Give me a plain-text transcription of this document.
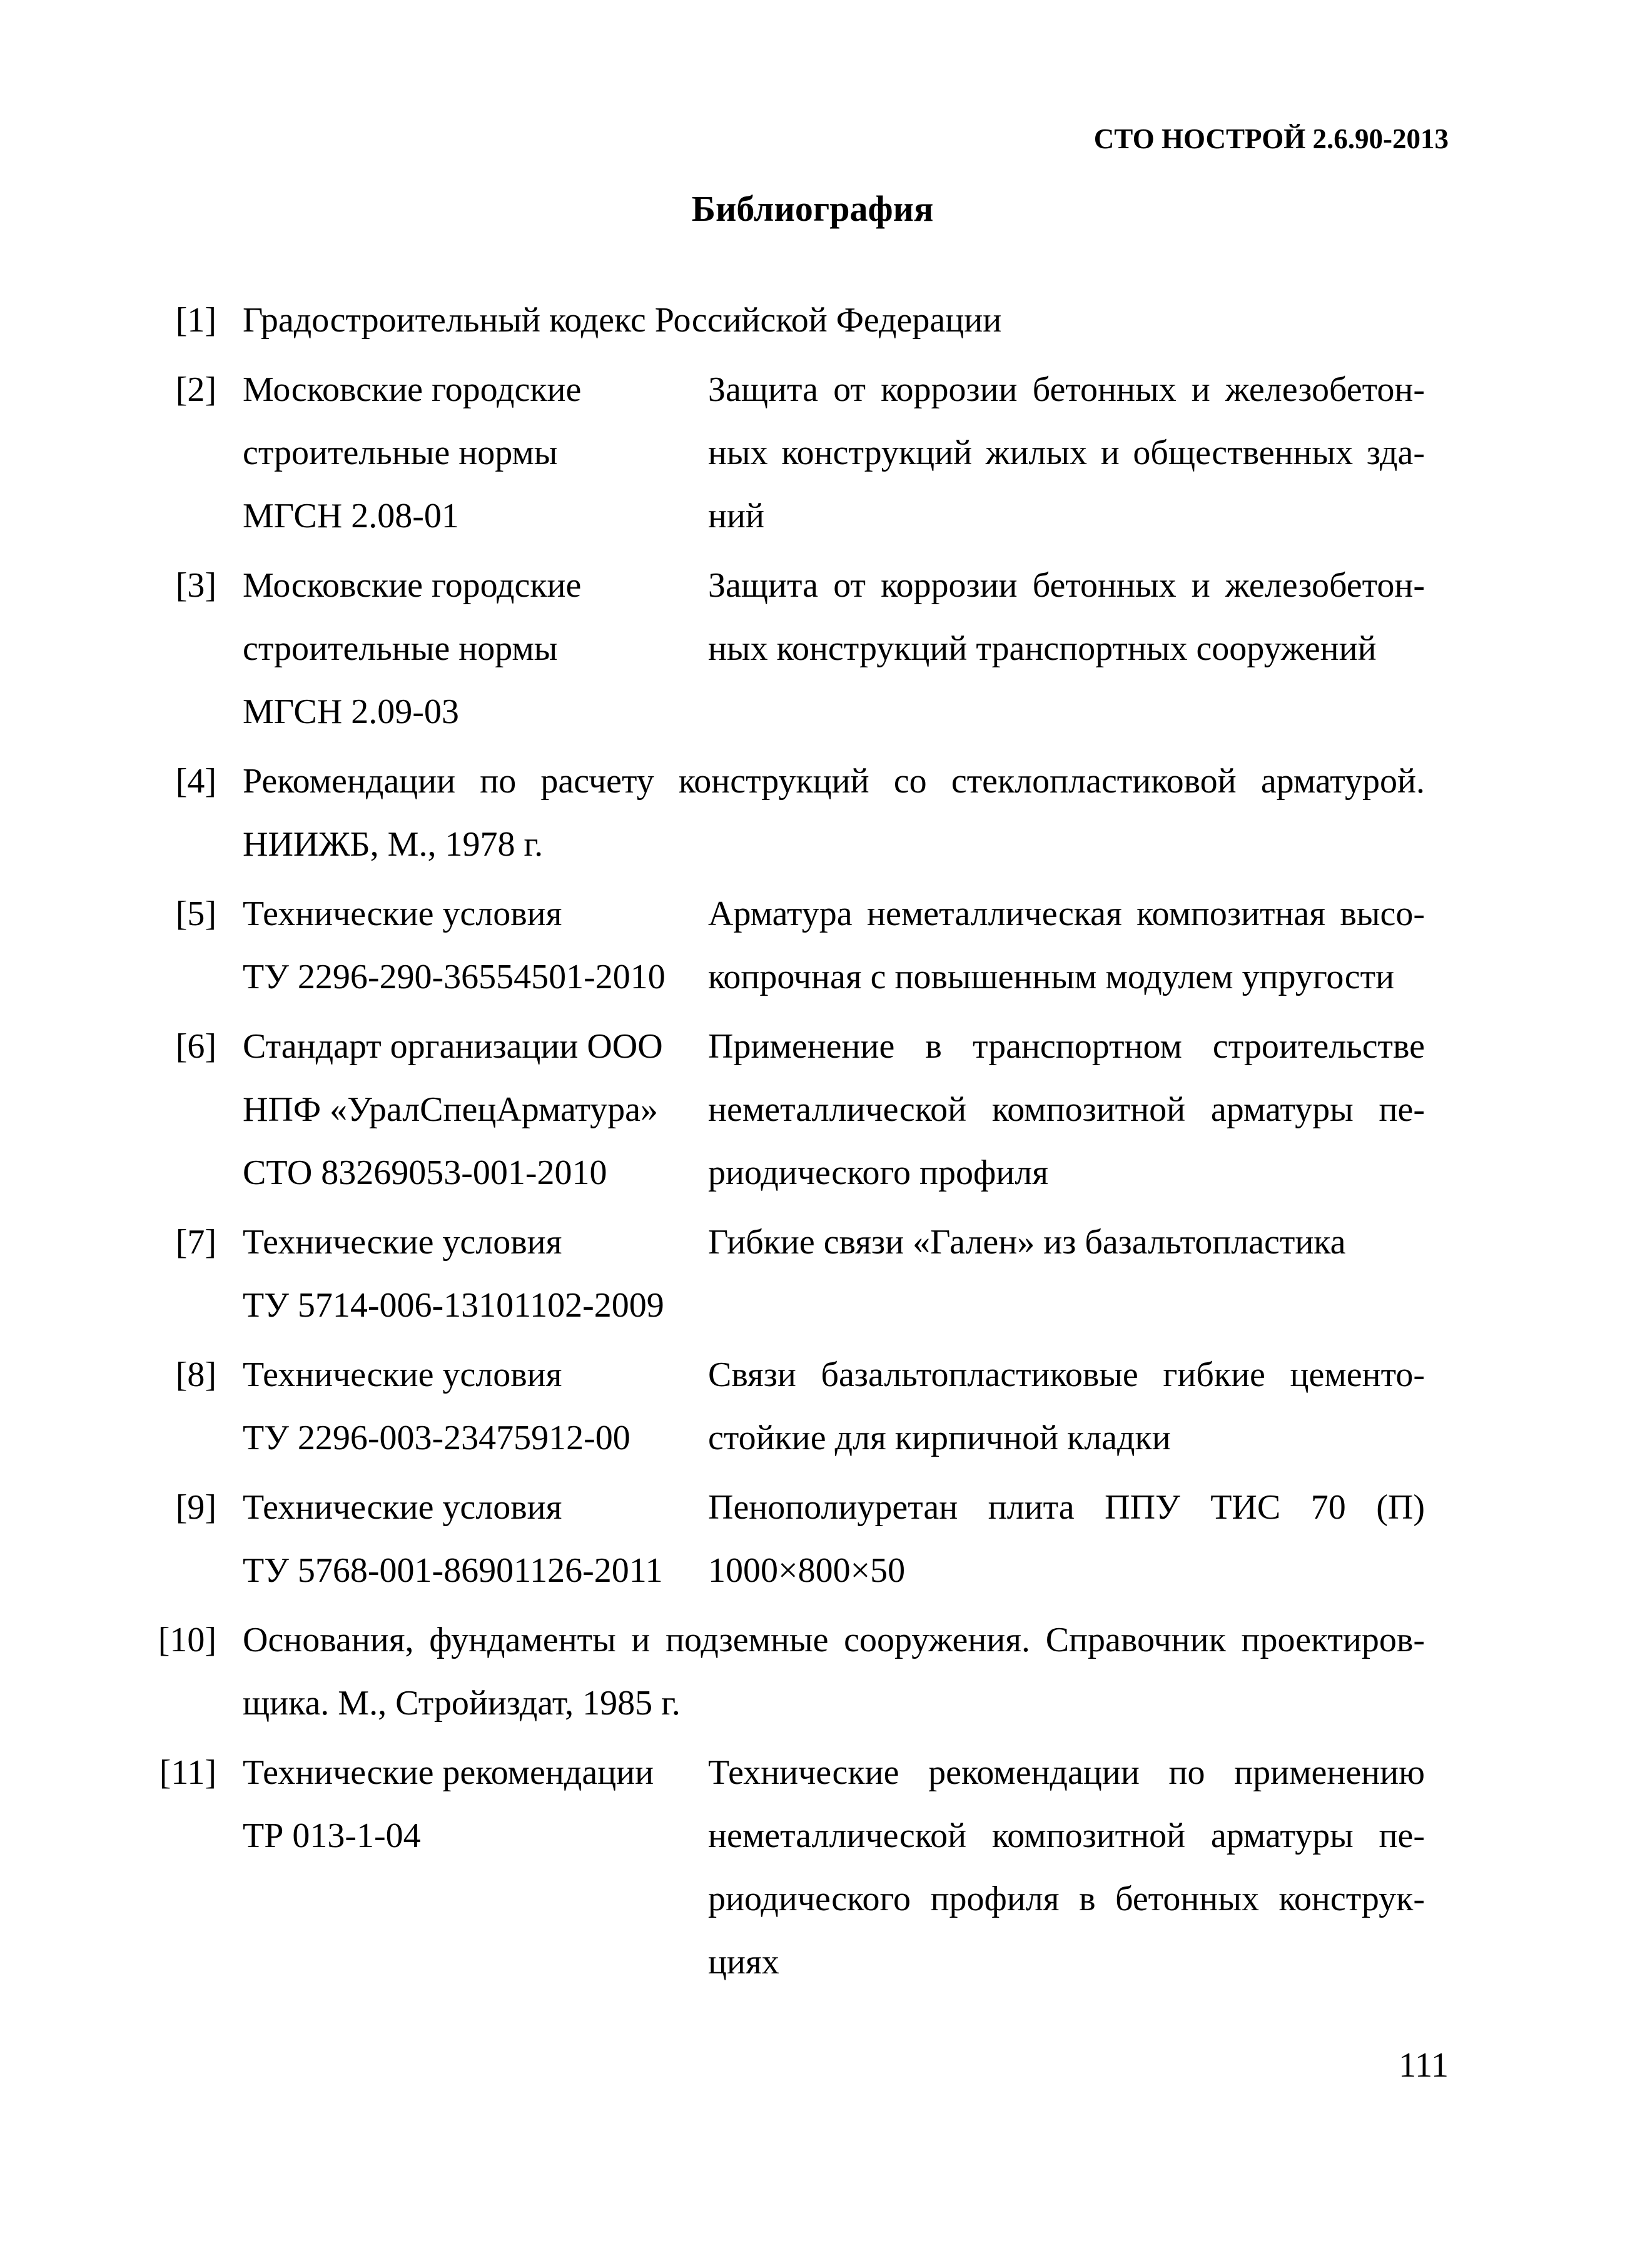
СТО НОСТРОЙ 2.6.90-2013
Библиография
[1] Градостроительный кодекс Российской Федерации
[2] Московские городские
строительные нормы
МГСН 2.08-01
Защита от коррозии бетонных и железобетонных конструкций жилых и общественных зданий
[3] Московские городские
строительные нормы
МГСН 2.09-03
Защита от коррозии бетонных и железобетонных конструкций транспортных сооружений
[4] Рекомендации по расчету конструкций со стеклопластиковой арматурой. НИИЖБ, М., 1978 г.
[5] Технические условия
ТУ 2296-290-36554501-2010
Арматура неметаллическая композитная высокопрочная с повышенным модулем упругости
[6] Стандарт организации ООО
НПФ «УралСпецАрматура»
СТО 83269053-001-2010
Применение в транспортном строительстве неметаллической композитной арматуры периодического профиля
[7] Технические условия
ТУ 5714-006-13101102-2009
Гибкие связи «Гален» из базальтопластика
[8] Технические условия
ТУ 2296-003-23475912-00
Связи базальтопластиковые гибкие цементостойкие для кирпичной кладки
[9] Технические условия
ТУ 5768-001-86901126-2011
Пенополиуретан плита ППУ ТИС 70 (П) 1000×800×50
[10] Основания, фундаменты и подземные сооружения. Справочник проектировщика. М., Стройиздат, 1985 г.
[11] Технические рекомендации
ТР 013-1-04
Технические рекомендации по применению неметаллической композитной арматуры периодического профиля в бетонных конструкциях
111
